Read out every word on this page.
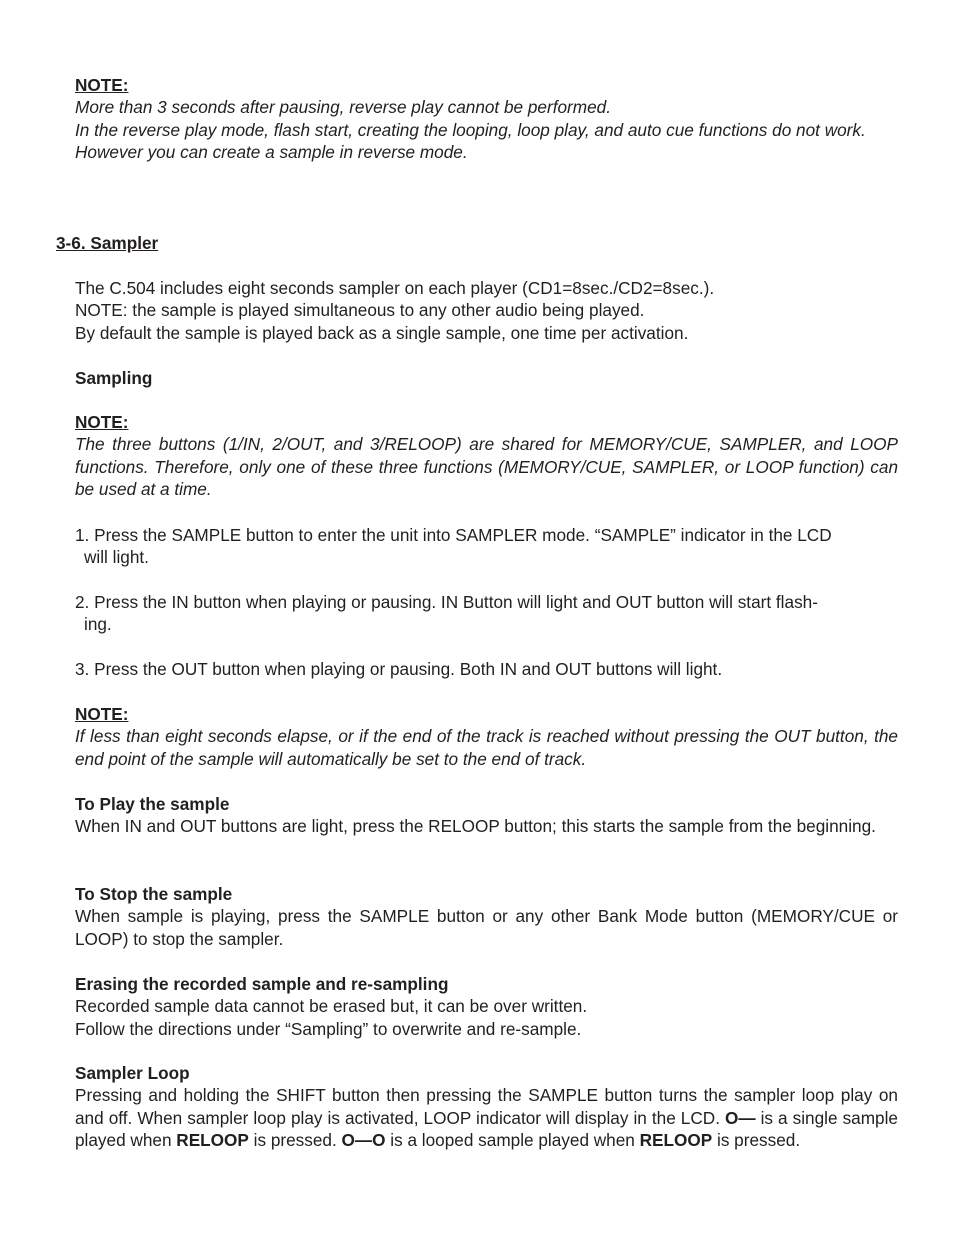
NOTE:
More than 3 seconds after pausing, reverse play cannot be performed.
In the reverse play mode, flash start, creating the looping, loop play, and auto cue functions do not work.
However you can create a sample in reverse mode.
3-6. Sampler
The C.504 includes eight seconds sampler on each player (CD1=8sec./CD2=8sec.).
NOTE: the sample is played simultaneous to any other audio being played.
By default the sample is played back as a single sample, one time per activation.
Sampling
NOTE:
The three buttons (1/IN, 2/OUT, and 3/RELOOP) are shared for MEMORY/CUE, SAMPLER, and LOOP functions. Therefore, only one of these three functions (MEMORY/CUE, SAMPLER, or LOOP function) can be used at a time.
1. Press the SAMPLE button to enter the unit into SAMPLER mode. “SAMPLE” indicator in the LCD
will light.
2. Press the IN button when playing or pausing. IN Button will light and OUT button will start flash-
ing.
3. Press the OUT button when playing or pausing. Both IN and OUT buttons will light.
NOTE:
If less than eight seconds elapse, or if the end of the track is reached without pressing the OUT button, the end point of the sample will automatically be set to the end of track.
To Play the sample
When IN and OUT buttons are light, press the RELOOP button; this starts the sample from the beginning.
To Stop the sample
When sample is playing, press the SAMPLE button or any other Bank Mode button (MEMORY/CUE or LOOP) to stop the sampler.
Erasing the recorded sample and re-sampling
Recorded sample data cannot be erased but, it can be over written.
Follow the directions under “Sampling” to overwrite and re-sample.
Sampler Loop
Pressing and holding the SHIFT button then pressing the SAMPLE button turns the sampler loop play on and off. When sampler loop play is activated, LOOP indicator will display in the LCD. O— is a single sample played when RELOOP is pressed. O—O is a looped sample played when RELOOP is pressed.
